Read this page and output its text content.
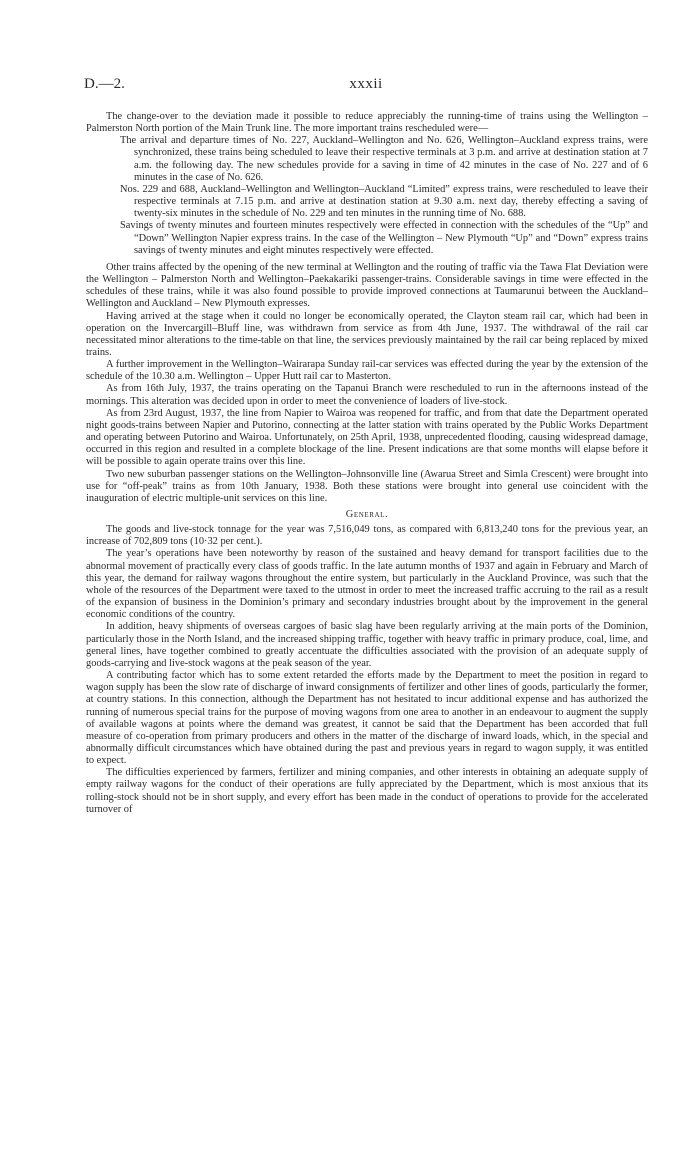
D.—2.	xxxii

The change-over to the deviation made it possible to reduce appreciably the running-time of trains using the Wellington – Palmerston North portion of the Main Trunk line. The more important trains rescheduled were—

The arrival and departure times of No. 227, Auckland–Wellington and No. 626, Wellington–Auckland express trains, were synchronized, these trains being scheduled to leave their respective terminals at 3 p.m. and arrive at destination station at 7 a.m. the following day. The new schedules provide for a saving in time of 42 minutes in the case of No. 227 and of 6 minutes in the case of No. 626.
Nos. 229 and 688, Auckland–Wellington and Wellington–Auckland “Limited” express trains, were rescheduled to leave their respective terminals at 7.15 p.m. and arrive at destination station at 9.30 a.m. next day, thereby effecting a saving of twenty-six minutes in the schedule of No. 229 and ten minutes in the running time of No. 688.
Savings of twenty minutes and fourteen minutes respectively were effected in connection with the schedules of the “Up” and “Down” Wellington Napier express trains. In the case of the Wellington – New Plymouth “Up” and “Down” express trains savings of twenty minutes and eight minutes respectively were effected.

Other trains affected by the opening of the new terminal at Wellington and the routing of traffic via the Tawa Flat Deviation were the Wellington – Palmerston North and Wellington–Paekakariki passenger-trains. Considerable savings in time were effected in the schedules of these trains, while it was also found possible to provide improved connections at Taumarunui between the Auckland–Wellington and Auckland – New Plymouth expresses.

Having arrived at the stage when it could no longer be economically operated, the Clayton steam rail car, which had been in operation on the Invercargill–Bluff line, was withdrawn from service as from 4th June, 1937. The withdrawal of the rail car necessitated minor alterations to the time-table on that line, the services previously maintained by the rail car being replaced by mixed trains.

A further improvement in the Wellington–Wairarapa Sunday rail-car services was effected during the year by the extension of the schedule of the 10.30 a.m. Wellington – Upper Hutt rail car to Masterton.

As from 16th July, 1937, the trains operating on the Tapanui Branch were rescheduled to run in the afternoons instead of the mornings. This alteration was decided upon in order to meet the convenience of loaders of live-stock.

As from 23rd August, 1937, the line from Napier to Wairoa was reopened for traffic, and from that date the Department operated night goods-trains between Napier and Putorino, connecting at the latter station with trains operated by the Public Works Department and operating between Putorino and Wairoa. Unfortunately, on 25th April, 1938, unprecedented flooding, causing widespread damage, occurred in this region and resulted in a complete blockage of the line. Present indications are that some months will elapse before it will be possible to again operate trains over this line.

Two new suburban passenger stations on the Wellington–Johnsonville line (Awarua Street and Simla Crescent) were brought into use for “off-peak” trains as from 10th January, 1938. Both these stations were brought into general use coincident with the inauguration of electric multiple-unit services on this line.

General.

The goods and live-stock tonnage for the year was 7,516,049 tons, as compared with 6,813,240 tons for the previous year, an increase of 702,809 tons (10·32 per cent.).

The year’s operations have been noteworthy by reason of the sustained and heavy demand for transport facilities due to the abnormal movement of practically every class of goods traffic. In the late autumn months of 1937 and again in February and March of this year, the demand for railway wagons throughout the entire system, but particularly in the Auckland Province, was such that the whole of the resources of the Department were taxed to the utmost in order to meet the increased traffic accruing to the rail as a result of the expansion of business in the Dominion’s primary and secondary industries brought about by the improvement in the general economic conditions of the country.

In addition, heavy shipments of overseas cargoes of basic slag have been regularly arriving at the main ports of the Dominion, particularly those in the North Island, and the increased shipping traffic, together with heavy traffic in primary produce, coal, lime, and general lines, have together combined to greatly accentuate the difficulties associated with the provision of an adequate supply of goods-carrying and live-stock wagons at the peak season of the year.

A contributing factor which has to some extent retarded the efforts made by the Department to meet the position in regard to wagon supply has been the slow rate of discharge of inward consignments of fertilizer and other lines of goods, particularly the former, at country stations. In this connection, although the Department has not hesitated to incur additional expense and has authorized the running of numerous special trains for the purpose of moving wagons from one area to another in an endeavour to augment the supply of available wagons at points where the demand was greatest, it cannot be said that the Department has been accorded that full measure of co-operation from primary producers and others in the matter of the discharge of inward loads, which, in the special and abnormally difficult circumstances which have obtained during the past and previous years in regard to wagon supply, it was entitled to expect.

The difficulties experienced by farmers, fertilizer and mining companies, and other interests in obtaining an adequate supply of empty railway wagons for the conduct of their operations are fully appreciated by the Department, which is most anxious that its rolling-stock should not be in short supply, and every effort has been made in the conduct of operations to provide for the accelerated turnover of
